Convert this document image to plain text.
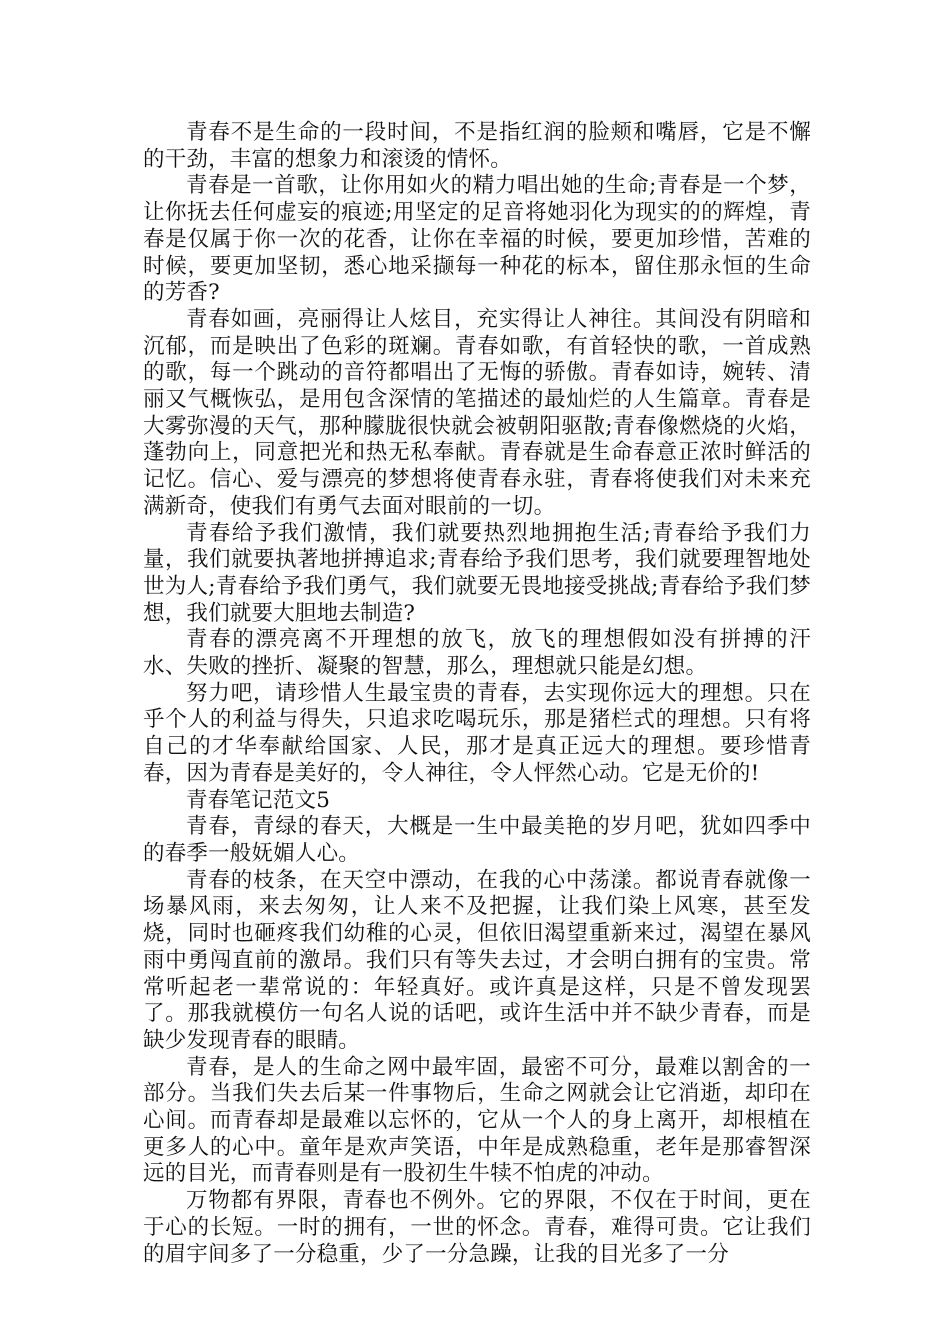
青春不是生命的一段时间，不是指红润的脸颊和嘴唇，它是不懈的干劲，丰富的想象力和滚烫的情怀。

青春是一首歌，让你用如火的精力唱出她的生命;青春是一个梦，让你抚去任何虚妄的痕迹;用坚定的足音将她羽化为现实的的辉煌，青春是仅属于你一次的花香，让你在幸福的时候，要更加珍惜，苦难的时候，要更加坚韧，悉心地采撷每一种花的标本，留住那永恒的生命的芳香?

青春如画，亮丽得让人炫目，充实得让人神往。其间没有阴暗和沉郁，而是映出了色彩的斑斓。青春如歌，有首轻快的歌，一首成熟的歌，每一个跳动的音符都唱出了无悔的骄傲。青春如诗，婉转、清丽又气概恢弘，是用包含深情的笔描述的最灿烂的人生篇章。青春是大雾弥漫的天气，那种朦胧很快就会被朝阳驱散;青春像燃烧的火焰，蓬勃向上，同意把光和热无私奉献。青春就是生命春意正浓时鲜活的记忆。信心、爱与漂亮的梦想将使青春永驻，青春将使我们对未来充满新奇，使我们有勇气去面对眼前的一切。

青春给予我们激情，我们就要热烈地拥抱生活;青春给予我们力量，我们就要执著地拼搏追求;青春给予我们思考，我们就要理智地处世为人;青春给予我们勇气，我们就要无畏地接受挑战;青春给予我们梦想，我们就要大胆地去制造?

青春的漂亮离不开理想的放飞，放飞的理想假如没有拼搏的汗水、失败的挫折、凝聚的智慧，那么，理想就只能是幻想。

努力吧，请珍惜人生最宝贵的青春，去实现你远大的理想。只在乎个人的利益与得失，只追求吃喝玩乐，那是猪栏式的理想。只有将自己的才华奉献给国家、人民，那才是真正远大的理想。要珍惜青春，因为青春是美好的，令人神往，令人怦然心动。它是无价的!

青春笔记范文5

青春，青绿的春天，大概是一生中最美艳的岁月吧，犹如四季中的春季一般妩媚人心。

青春的枝条，在天空中漂动，在我的心中荡漾。都说青春就像一场暴风雨，来去匆匆，让人来不及把握，让我们染上风寒，甚至发烧，同时也砸疼我们幼稚的心灵，但依旧渴望重新来过，渴望在暴风雨中勇闯直前的激昂。我们只有等失去过，才会明白拥有的宝贵。常常听起老一辈常说的：年轻真好。或许真是这样，只是不曾发现罢了。那我就模仿一句名人说的话吧，或许生活中并不缺少青春，而是缺少发现青春的眼睛。

青春，是人的生命之网中最牢固，最密不可分，最难以割舍的一部分。当我们失去后某一件事物后，生命之网就会让它消逝，却印在心间。而青春却是最难以忘怀的，它从一个人的身上离开，却根植在更多人的心中。童年是欢声笑语，中年是成熟稳重，老年是那睿智深远的目光，而青春则是有一股初生牛犊不怕虎的冲动。

万物都有界限，青春也不例外。它的界限，不仅在于时间，更在于心的长短。一时的拥有，一世的怀念。青春，难得可贵。它让我们的眉宇间多了一分稳重，少了一分急躁，让我的目光多了一分
